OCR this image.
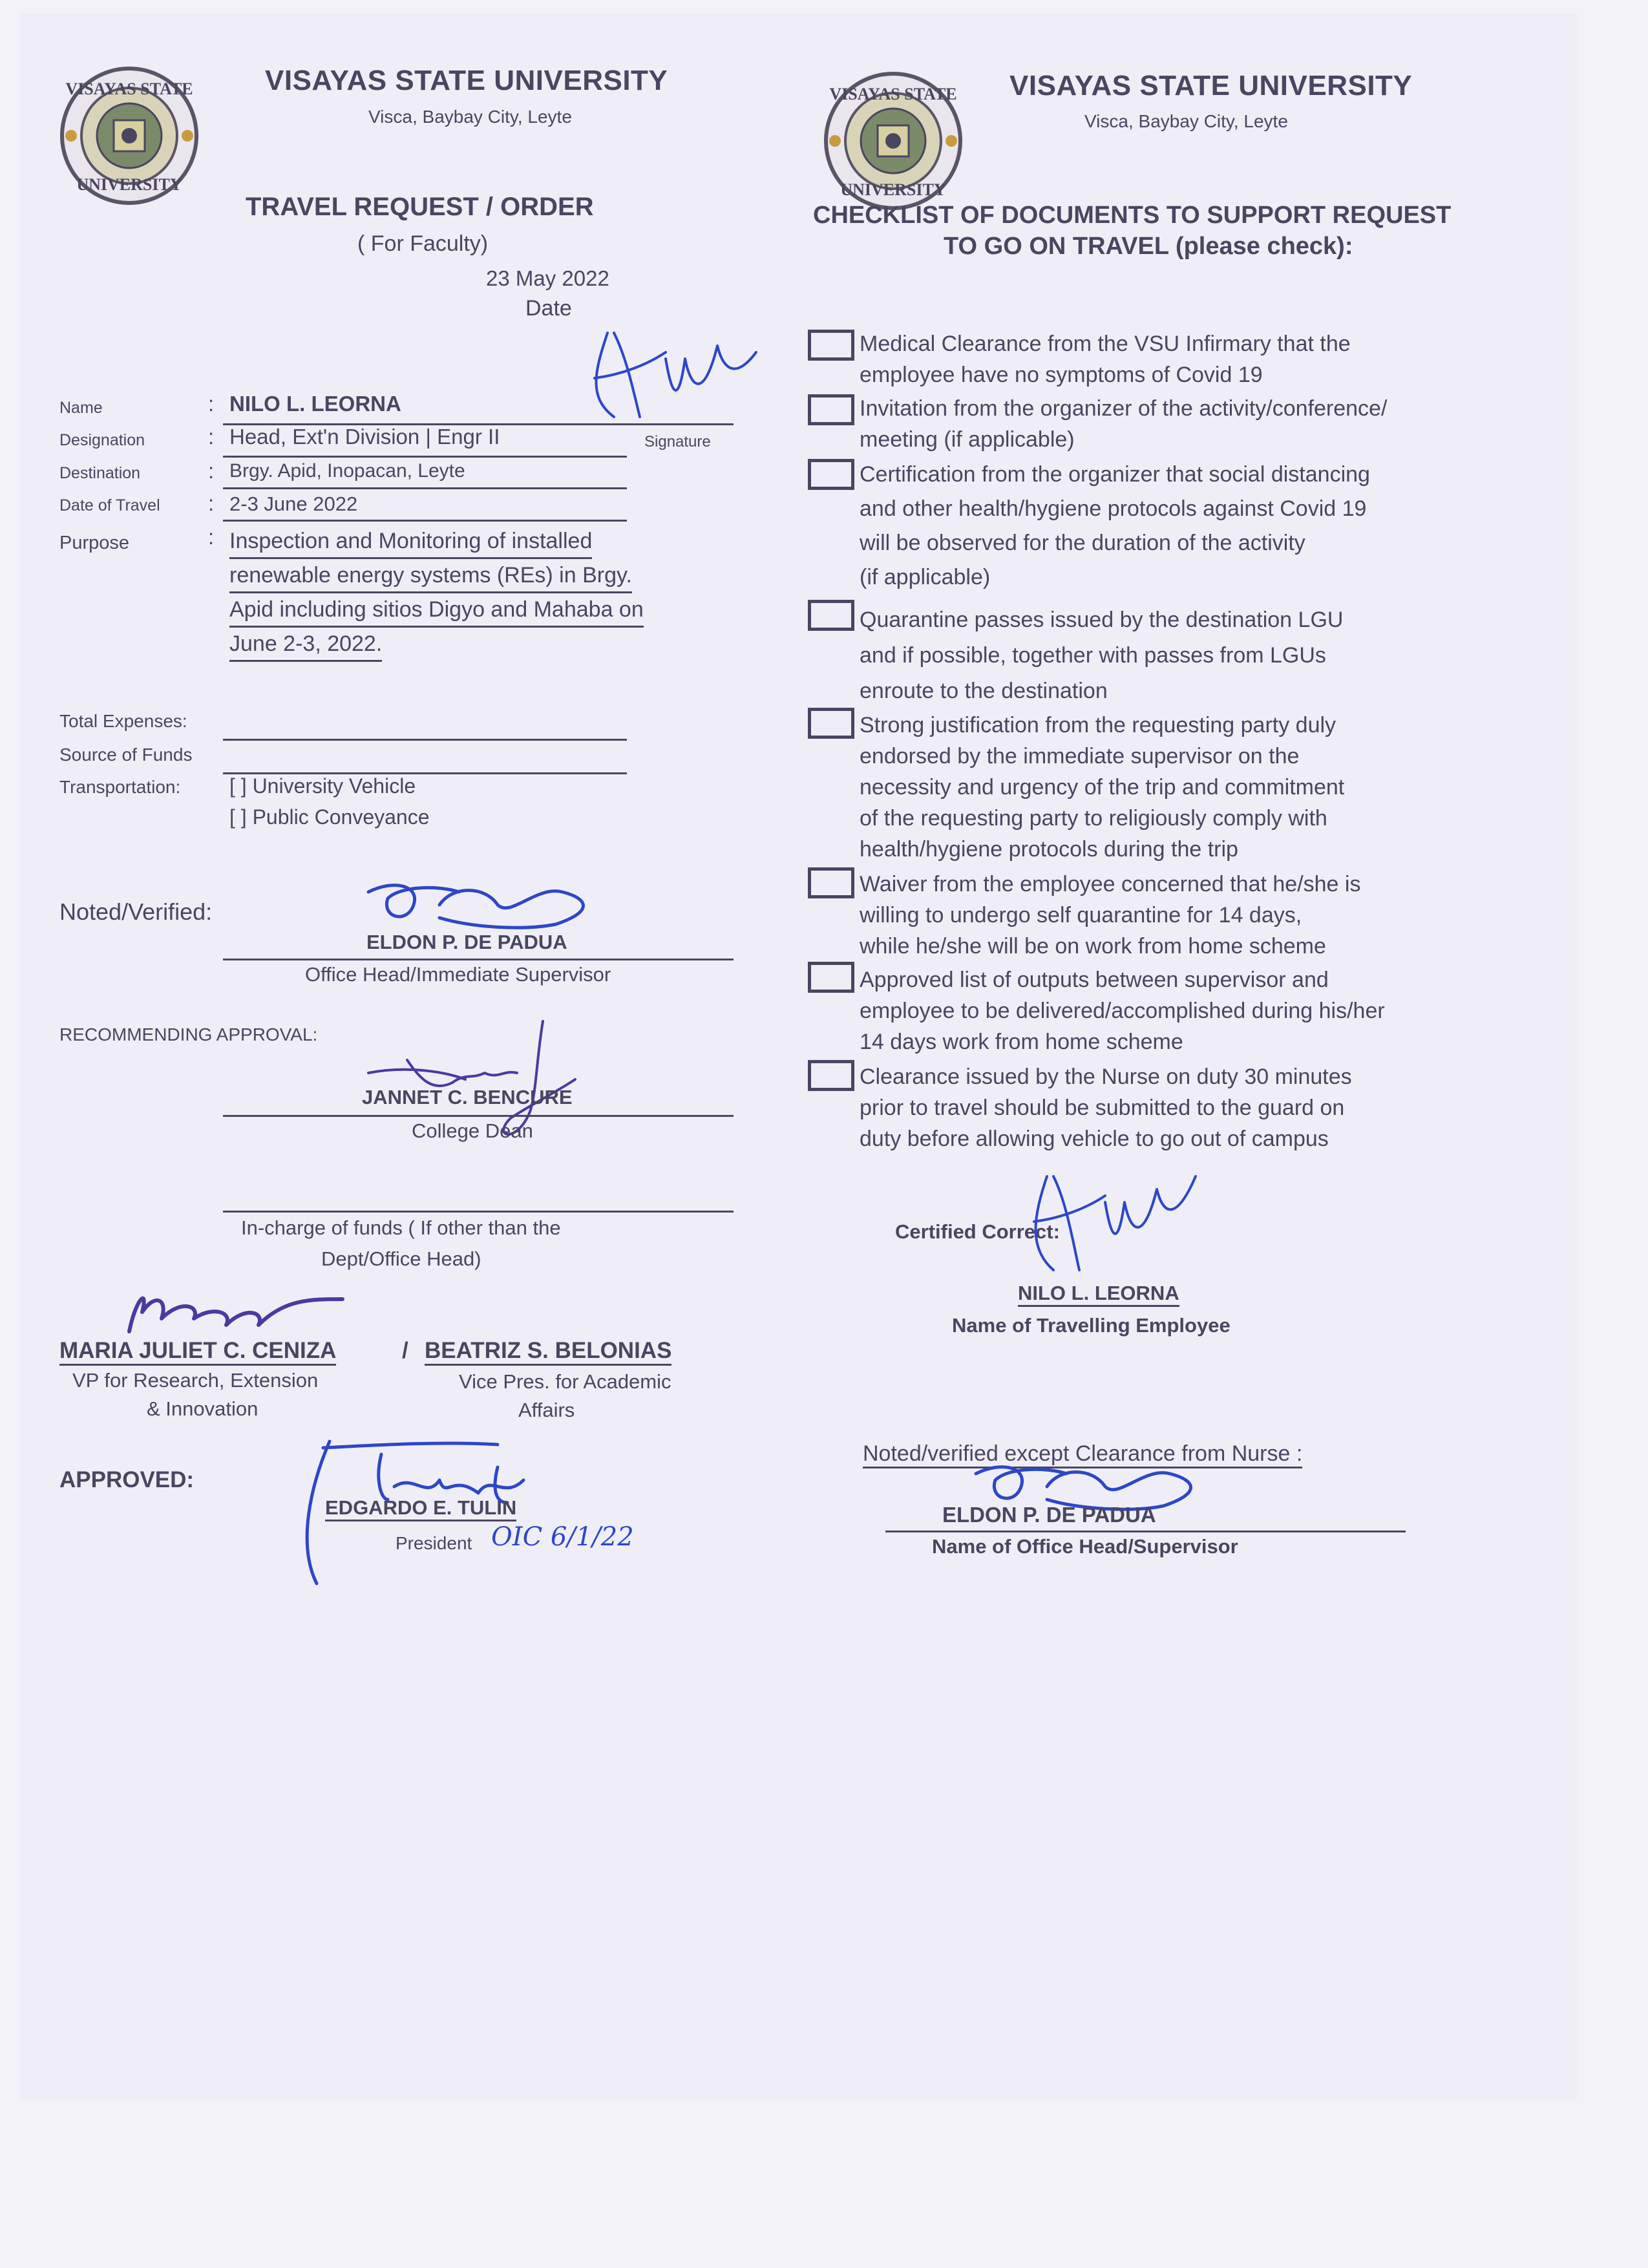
VISAYAS STATE
UNIVERSITY
VISAYAS STATE UNIVERSITY
Visca, Baybay City, Leyte
TRAVEL REQUEST / ORDER
( For Faculty)
23 May 2022
Date
Name	: NILO L. LEORNA
Signature
Designation	: Head, Ext'n Division | Engr II
Destination	: Brgy. Apid, Inopacan, Leyte
Date of Travel : 2-3 June 2022
Purpose	: Inspection and Monitoring of installed
renewable energy systems (REs) in Brgy.
Apid including sitios Digyo and Mahaba on
June 2-3, 2022.
Total Expenses:
Source of Funds
Transportation: [ ] University Vehicle
[ ] Public Conveyance
Noted/Verified:
ELDON P. DE PADUA
Office Head/Immediate Supervisor
RECOMMENDING APPROVAL:
JANNET C. BENCURE
College Dean
In-charge of funds ( If other than the
Dept/Office Head)
MARIA JULIET C. CENIZA	/ BEATRIZ S. BELONIAS
VP for Research, Extension
& Innovation
Vice Pres. for Academic
Affairs
APPROVED:
EDGARDO E. TULIN
President OIC 6/1/22
VISAYAS STATE
UNIVERSITY
VISAYAS STATE UNIVERSITY
Visca, Baybay City, Leyte
CHECKLIST OF DOCUMENTS TO SUPPORT REQUEST
TO GO ON TRAVEL (please check):
Medical Clearance from the VSU Infirmary that the
employee have no symptoms of Covid 19
Invitation from the organizer of the activity/conference/
meeting (if applicable)
Certification from the organizer that social distancing
and other health/hygiene protocols against Covid 19
will be observed for the duration of the activity
(if applicable)
Quarantine passes issued by the destination LGU
and if possible, together with passes from LGUs
enroute to the destination
Strong justification from the requesting party duly
endorsed by the immediate supervisor on the
necessity and urgency of the trip and commitment
of the requesting party to religiously comply with
health/hygiene protocols during the trip
Waiver from the employee concerned that he/she is
willing to undergo self quarantine for 14 days,
while he/she will be on work from home scheme
Approved list of outputs between supervisor and
employee to be delivered/accomplished during his/her
14 days work from home scheme
Clearance issued by the Nurse on duty 30 minutes
prior to travel should be submitted to the guard on
duty before allowing vehicle to go out of campus
Certified Correct:
NILO L. LEORNA
Name of Travelling Employee
Noted/verified except Clearance from Nurse :
ELDON P. DE PADUA
Name of Office Head/Supervisor
